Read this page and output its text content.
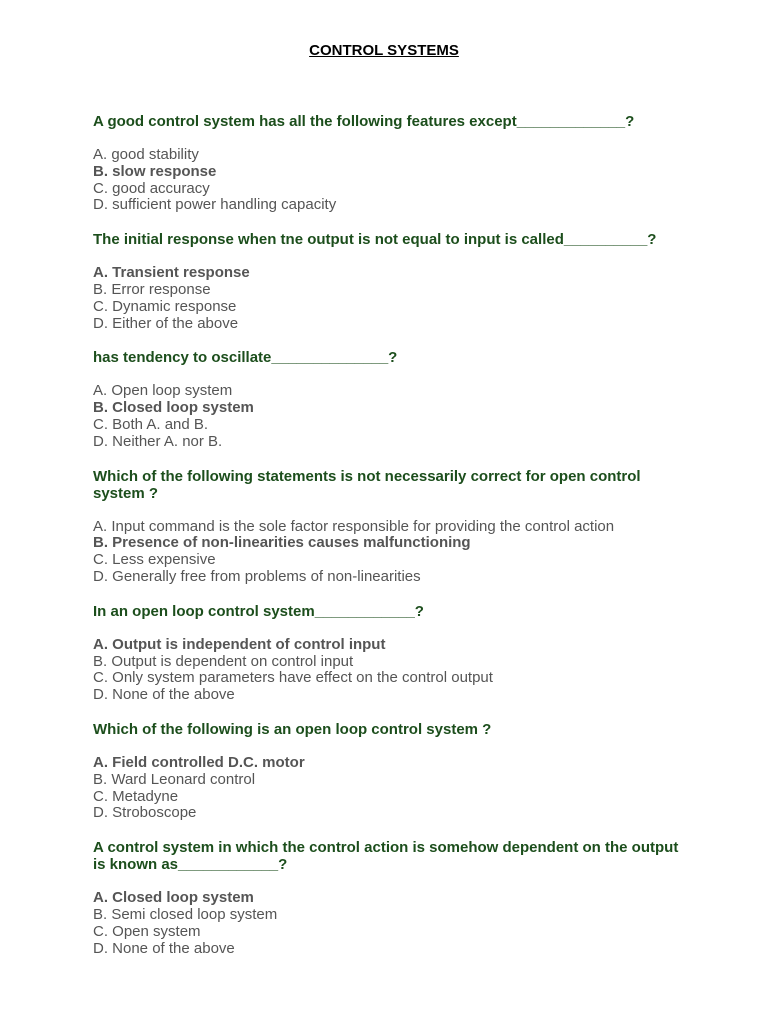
CONTROL SYSTEMS
A good control system has all the following features except_____________?
A. good stability
B. slow response
C. good accuracy
D. sufficient power handling capacity
The initial response when tne output is not equal to input is called__________?
A. Transient response
B. Error response
C. Dynamic response
D. Either of the above
has tendency to oscillate______________?
A. Open loop system
B. Closed loop system
C. Both A. and B.
D. Neither A. nor B.
Which of the following statements is not necessarily correct for open control system ?
A. Input command is the sole factor responsible for providing the control action
B. Presence of non-linearities causes malfunctioning
C. Less expensive
D. Generally free from problems of non-linearities
In an open loop control system____________?
A. Output is independent of control input
B. Output is dependent on control input
C. Only system parameters have effect on the control output
D. None of the above
Which of the following is an open loop control system ?
A. Field controlled D.C. motor
B. Ward Leonard control
C. Metadyne
D. Stroboscope
A control system in which the control action is somehow dependent on the output is known as____________?
A. Closed loop system
B. Semi closed loop system
C. Open system
D. None of the above
